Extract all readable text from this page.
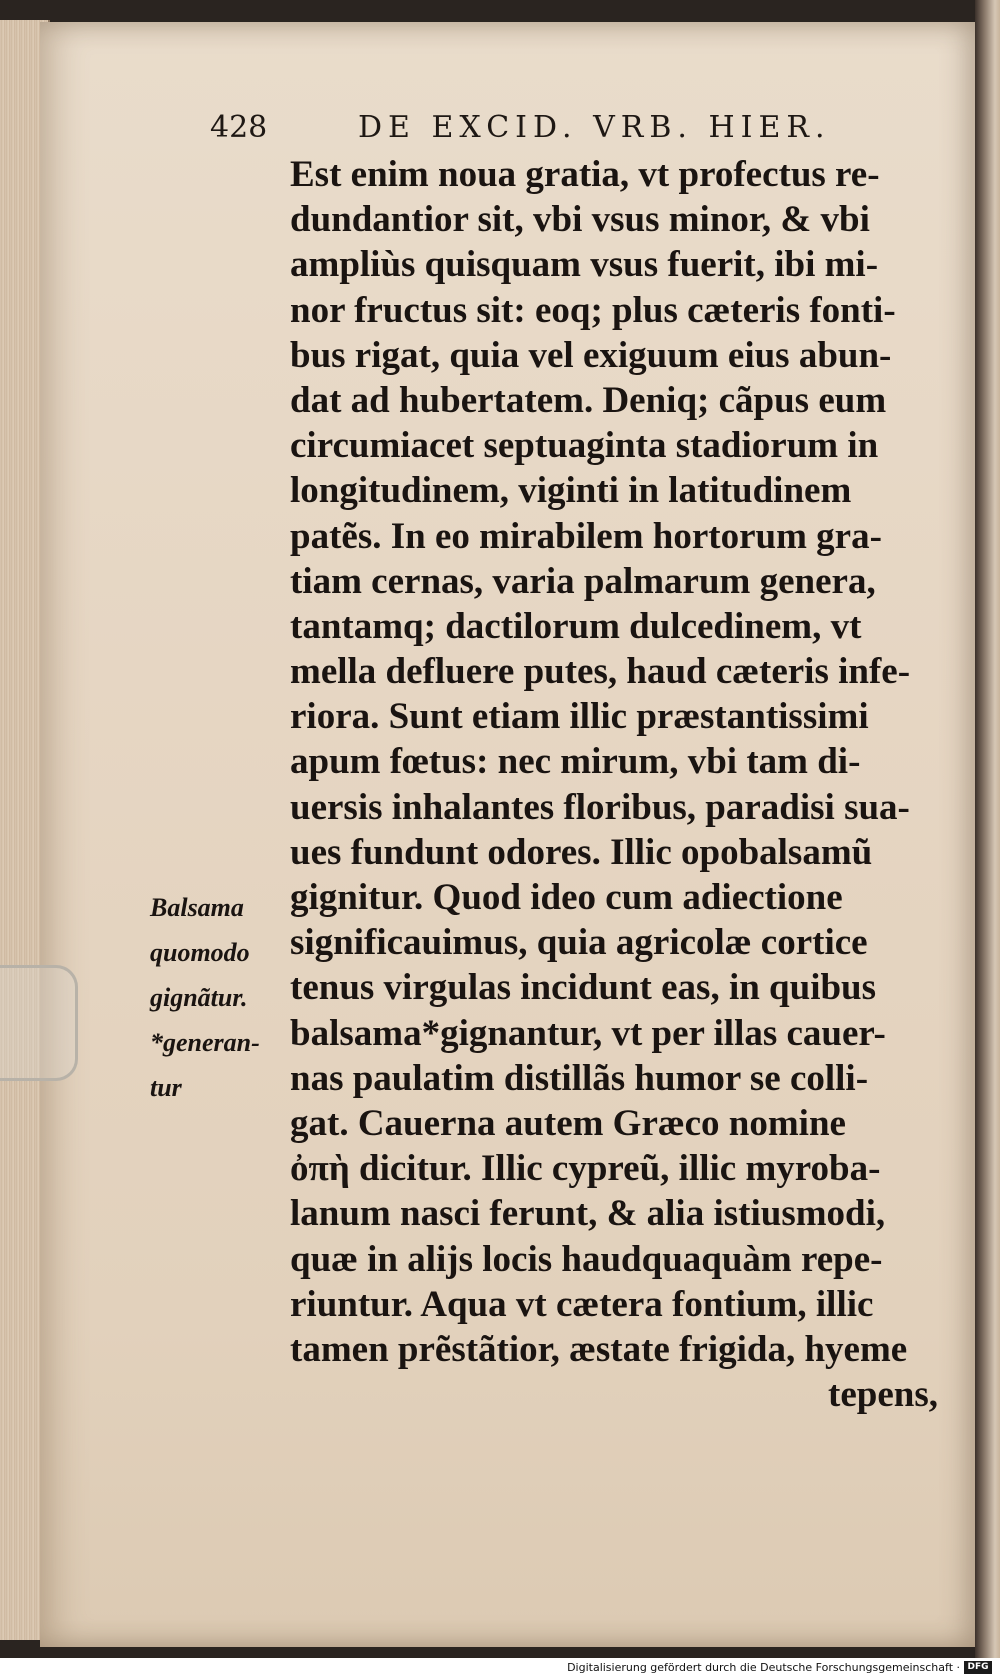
428	DE EXCID. VRB. HIER.
Est enim noua gratia, vt profectus re-
dundantior sit, vbi vsus minor, & vbi
ampliùs quisquam vsus fuerit, ibi mi-
nor fructus sit: eoq; plus cæteris fonti-
bus rigat, quia vel exiguum eius abun-
dat ad hubertatem. Deniq; cãpus eum
circumiacet septuaginta stadiorum in
longitudinem, viginti in latitudinem
patẽs. In eo mirabilem hortorum gra-
tiam cernas, varia palmarum genera,
tantamq; dactilorum dulcedinem, vt
mella defluere putes, haud cæteris infe-
riora. Sunt etiam illic præstantissimi
apum fœtus: nec mirum, vbi tam di-
uersis inhalantes floribus, paradisi sua-
ues fundunt odores. Illic opobalsamũ
gignitur. Quod ideo cum adiectione
significauimus, quia agricolæ cortice
tenus virgulas incidunt eas, in quibus
balsama*gignantur, vt per illas cauer-
nas paulatim distillãs humor se colli-
gat. Cauerna autem Græco nomine
ὀπὴ dicitur. Illic cypreũ, illic myroba-
lanum nasci ferunt, & alia istiusmodi,
quæ in alijs locis haudquaquàm repe-
riuntur. Aqua vt cætera fontium, illic
tamen prẽstãtior, æstate frigida, hyeme
tepens,
Balsama
quomodo
gignãtur.
*generan-
tur
Digitalisierung gefördert durch die Deutsche Forschungsgemeinschaft · DFG
